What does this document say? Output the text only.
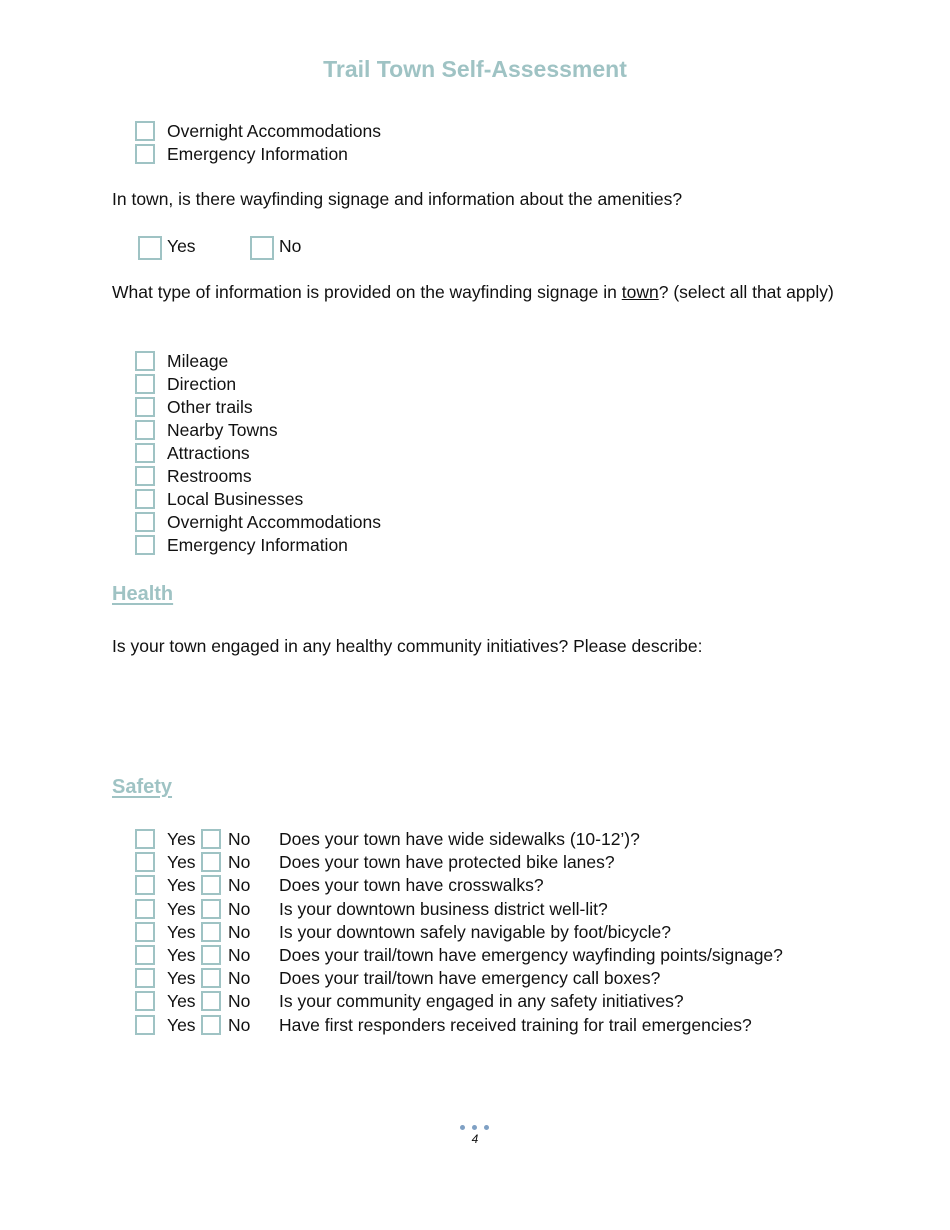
Trail Town Self-Assessment
Overnight Accommodations
Emergency Information
In town, is there wayfinding signage and information about the amenities?
Yes	No
What type of information is provided on the wayfinding signage in town? (select all that apply)
Mileage
Direction
Other trails
Nearby Towns
Attractions
Restrooms
Local Businesses
Overnight Accommodations
Emergency Information
Health
Is your town engaged in any healthy community initiatives? Please describe:
Safety
Yes No Does your town have wide sidewalks (10-12’)?
Yes No Does your town have protected bike lanes?
Yes No Does your town have crosswalks?
Yes No Is your downtown business district well-lit?
Yes No Is your downtown safely navigable by foot/bicycle?
Yes No Does your trail/town have emergency wayfinding points/signage?
Yes No Does your trail/town have emergency call boxes?
Yes No Is your community engaged in any safety initiatives?
Yes No Have first responders received training for trail emergencies?
4
